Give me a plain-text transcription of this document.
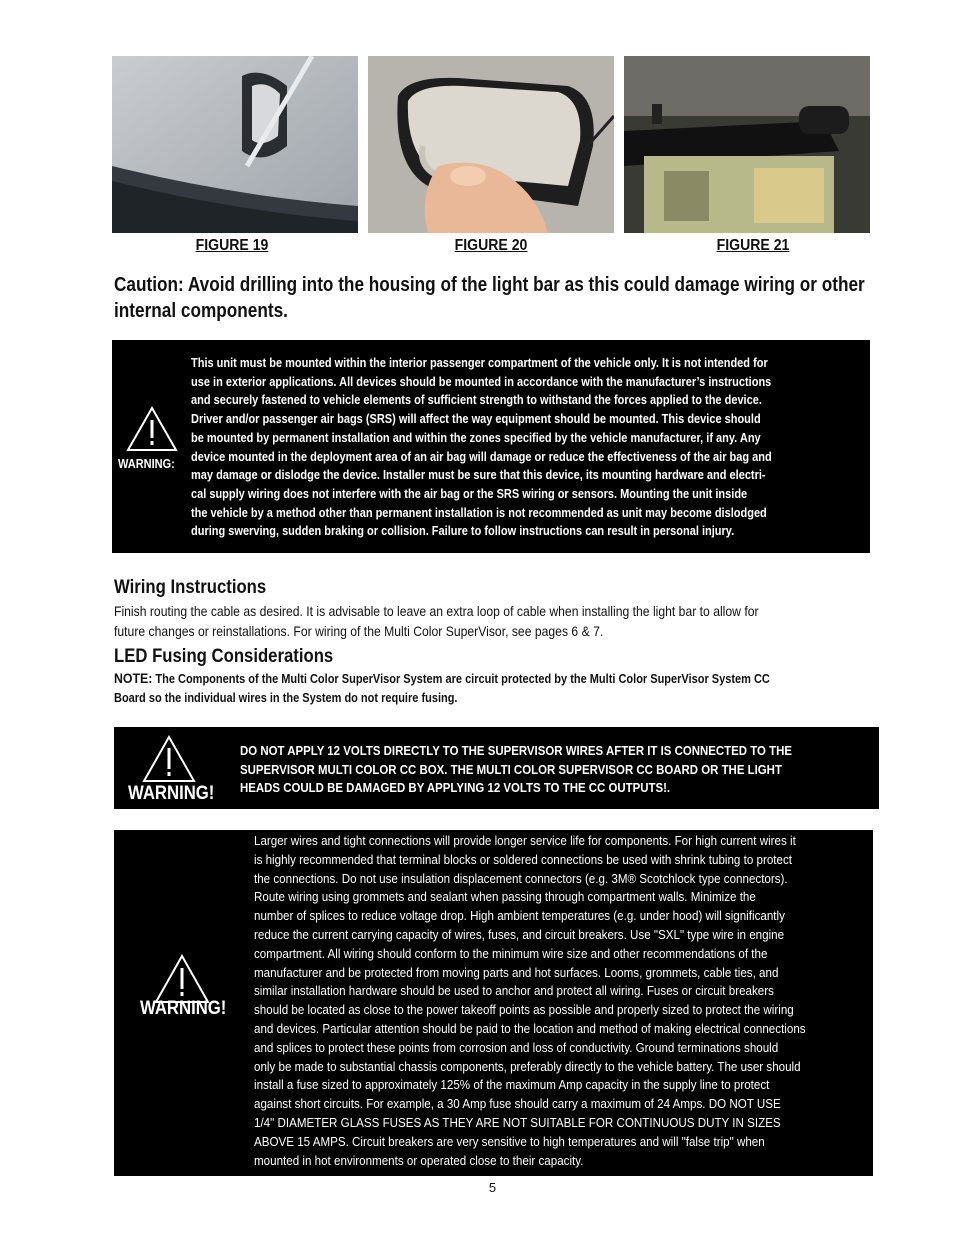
FIGURE 19	FIGURE 20	FIGURE 21
Caution: Avoid drilling into the housing of the light bar as this could damage wiring or other internal components.
WARNING:
This unit must be mounted within the interior passenger compartment of the vehicle only. It is not intended for
use in exterior applications. All devices should be mounted in accordance with the manufacturer’s instructions
and securely fastened to vehicle elements of sufficient strength to withstand the forces applied to the device.
Driver and/or passenger air bags (SRS) will affect the way equipment should be mounted. This device should
be mounted by permanent installation and within the zones specified by the vehicle manufacturer, if any. Any
device mounted in the deployment area of an air bag will damage or reduce the effectiveness of the air bag and
may damage or dislodge the device. Installer must be sure that this device, its mounting hardware and electri-
cal supply wiring does not interfere with the air bag or the SRS wiring or sensors. Mounting the unit inside
the vehicle by a method other than permanent installation is not recommended as unit may become dislodged
during swerving, sudden braking or collision. Failure to follow instructions can result in personal injury.
Wiring Instructions
Finish routing the cable as desired. It is advisable to leave an extra loop of cable when installing the light bar to allow for
future changes or reinstallations. For wiring of the Multi Color SuperVisor, see pages 6 & 7.
LED Fusing Considerations
NOTE: The Components of the Multi Color SuperVisor System are circuit protected by the Multi Color SuperVisor System CC
Board so the individual wires in the System do not require fusing.
WARNING!
DO NOT APPLY 12 VOLTS DIRECTLY TO THE SUPERVISOR WIRES AFTER IT IS CONNECTED TO THE
SUPERVISOR MULTI COLOR CC BOX. THE MULTI COLOR SUPERVISOR CC BOARD OR THE LIGHT
HEADS COULD BE DAMAGED BY APPLYING 12 VOLTS TO THE CC OUTPUTS!.
WARNING!

Larger wires and tight connections will provide longer service life for components. For high current wires it

is highly recommended that terminal blocks or soldered connections be used with shrink tubing to protect

the connections. Do not use insulation displacement connectors (e.g. 3M® Scotchlock type connectors).

Route wiring using grommets and sealant when passing through compartment walls. Minimize the

number of splices to reduce voltage drop. High ambient temperatures (e.g. under hood) will significantly

reduce the current carrying capacity of wires, fuses, and circuit breakers. Use "SXL" type wire in engine

compartment. All wiring should conform to the minimum wire size and other recommendations of the

manufacturer and be protected from moving parts and hot surfaces. Looms, grommets, cable ties, and

similar installation hardware should be used to anchor and protect all wiring. Fuses or circuit breakers

should be located as close to the power takeoff points as possible and properly sized to protect the wiring

and devices. Particular attention should be paid to the location and method of making electrical connections

and splices to protect these points from corrosion and loss of conductivity. Ground terminations should

only be made to substantial chassis components, preferably directly to the vehicle battery. The user should

install a fuse sized to approximately 125% of the maximum Amp capacity in the supply line to protect

against short circuits. For example, a 30 Amp fuse should carry a maximum of 24 Amps. DO NOT USE

1/4" DIAMETER GLASS FUSES AS THEY ARE NOT SUITABLE FOR CONTINUOUS DUTY IN SIZES

ABOVE 15 AMPS. Circuit breakers are very sensitive to high temperatures and will "false trip" when

mounted in hot environments or operated close to their capacity.

5
